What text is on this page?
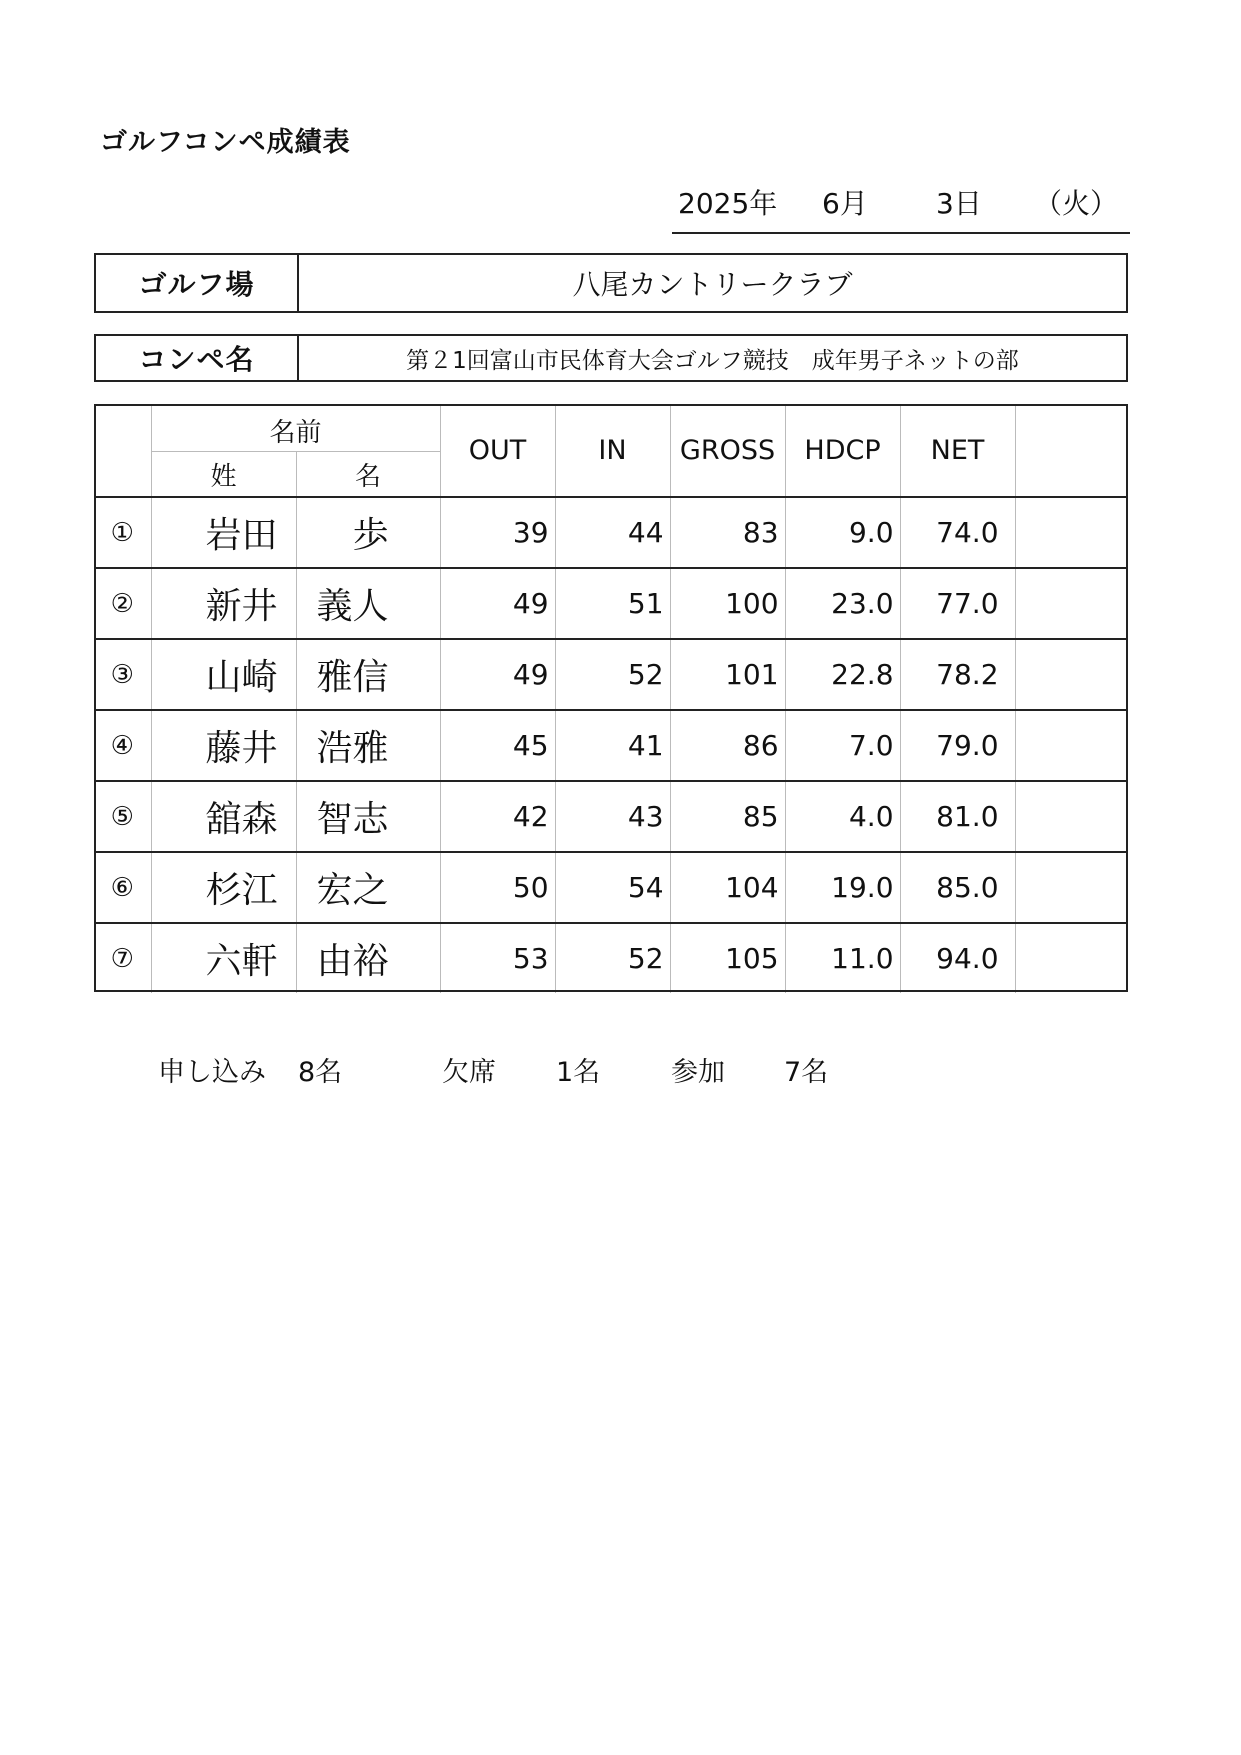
ゴルフコンペ成績表
2025年 6月 3日 （火）
ゴルフ場	八尾カントリークラブ
コンペ名	第２1回富山市民体育大会ゴルフ競技　成年男子ネットの部
	名前		OUT	IN	GROSS	HDCP	NET	
	姓	名						
①	岩田	　歩	39	44	83	9.0	74.0	
②	新井	義人	49	51	100	23.0	77.0	
③	山崎	雅信	49	52	101	22.8	78.2	
④	藤井	浩雅	45	41	86	7.0	79.0	
⑤	舘森	智志	42	43	85	4.0	81.0	
⑥	杉江	宏之	50	54	104	19.0	85.0	
⑦	六軒	由裕	53	52	105	11.0	94.0	
申し込み 8名	欠席 1名	参加 7名
